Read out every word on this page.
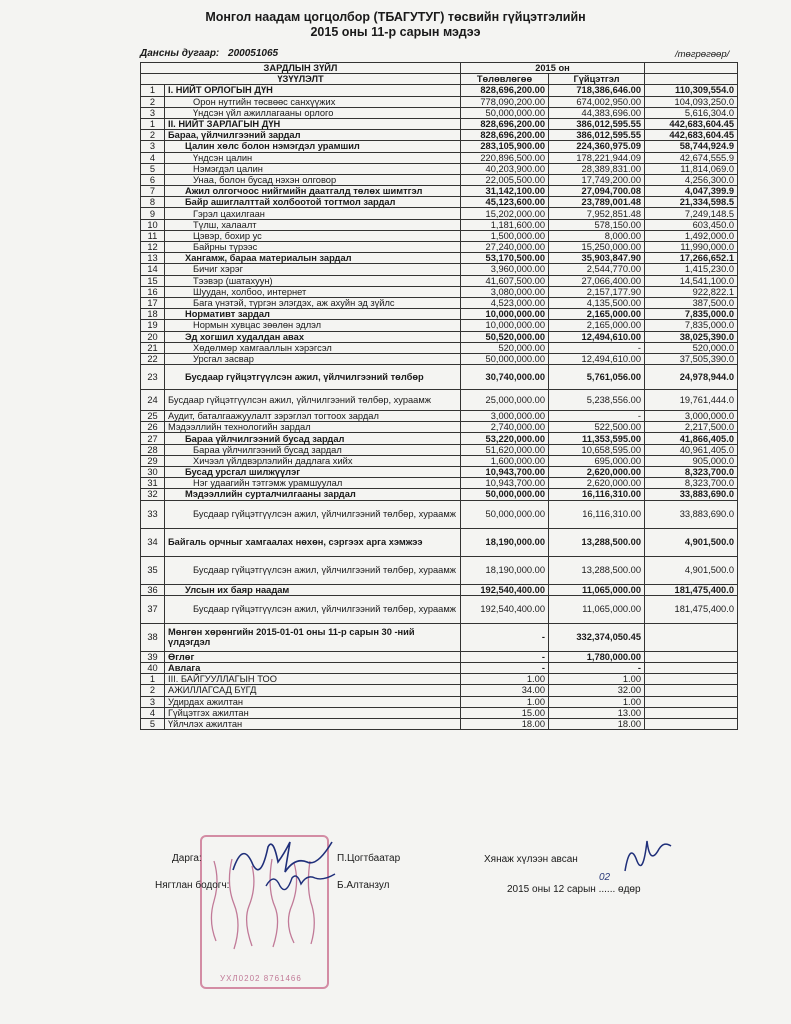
Монгол наадам цогцолбор (ТБАГУТУГ) төсвийн гүйцэтгэлийн
2015 оны 11-р сарын мэдээ
Дансны дугаар: 200051065	/төгрөгөөр/
ЗАРДЛЫН ЗҮЙЛ		2015 он		
ҮЗҮҮЛЭЛТ		Төлөвлөгөө	Гүйцэтгэл	
1	I. НИЙТ ОРЛОГЫН ДҮН	828,696,200.00	718,386,646.00	110,309,554.0
2	Орон нутгийн төсвөөс санхүүжих	778,090,200.00	674,002,950.00	104,093,250.0
3	Үндсэн үйл ажиллагааны орлого	50,000,000.00	44,383,696.00	5,616,304.0
1	II. НИЙТ ЗАРЛАГЫН ДҮН	828,696,200.00	386,012,595.55	442,683,604.45
2	Бараа, үйлчилгээний зардал	828,696,200.00	386,012,595.55	442,683,604.45
3	Цалин хөлс болон нэмэгдэл урамшил	283,105,900.00	224,360,975.09	58,744,924.9
4	Үндсэн цалин	220,896,500.00	178,221,944.09	42,674,555.9
5	Нэмэгдэл цалин	40,203,900.00	28,389,831.00	11,814,069.0
6	Унаа, болон бусад нэхэн олговор	22,005,500.00	17,749,200.00	4,256,300.0
7	Ажил олгогчоос нийгмийн даатгалд төлөх шимтгэл	31,142,100.00	27,094,700.08	4,047,399.9
8	Байр ашиглалттай холбоотой тогтмол зардал	45,123,600.00	23,789,001.48	21,334,598.5
9	Гэрэл цахилгаан	15,202,000.00	7,952,851.48	7,249,148.5
10	Түлш, халаалт	1,181,600.00	578,150.00	603,450.0
11	Цэвэр, бохир ус	1,500,000.00	8,000.00	1,492,000.0
12	Байрны түрээс	27,240,000.00	15,250,000.00	11,990,000.0
13	Хангамж, бараа материалын зардал	53,170,500.00	35,903,847.90	17,266,652.1
14	Бичиг хэрэг	3,960,000.00	2,544,770.00	1,415,230.0
15	Тээвэр (шатахуун)	41,607,500.00	27,066,400.00	14,541,100.0
16	Шуудан, холбоо, интернет	3,080,000.00	2,157,177.90	922,822.1
17	Бага үнэтэй, түргэн элэгдэх, аж ахуйн эд зүйлс	4,523,000.00	4,135,500.00	387,500.0
18	Нормативт зардал	10,000,000.00	2,165,000.00	7,835,000.0
19	Нормын хувцас зөөлөн эдлэл	10,000,000.00	2,165,000.00	7,835,000.0
20	Эд хогшил худалдан авах	50,520,000.00	12,494,610.00	38,025,390.0
21	Хөдөлмөр хамгааллын хэрэгсэл	520,000.00	-	520,000.0
22	Урсгал засвар	50,000,000.00	12,494,610.00	37,505,390.0
23	Бусдаар гүйцэтгүүлсэн ажил, үйлчилгээний төлбөр	30,740,000.00	5,761,056.00	24,978,944.0
24	Бусдаар гүйцэтгүүлсэн ажил, үйлчилгээний төлбөр, хураамж	25,000,000.00	5,238,556.00	19,761,444.0
25	Аудит, баталгаажуулалт зэрэглэл тогтоох зардал	3,000,000.00	-	3,000,000.0
26	Мэдээллийн технологийн зардал	2,740,000.00	522,500.00	2,217,500.0
27	Бараа үйлчилгээний бусад зардал	53,220,000.00	11,353,595.00	41,866,405.0
28	Бараа үйлчилгээний бусад зардал	51,620,000.00	10,658,595.00	40,961,405.0
29	Хичээл үйлдвэрлэлийн дадлага хийх	1,600,000.00	695,000.00	905,000.0
30	Бусад урсгал шилжүүлэг	10,943,700.00	2,620,000.00	8,323,700.0
31	Нэг удаагийн тэтгэмж урамшуулал	10,943,700.00	2,620,000.00	8,323,700.0
32	Мэдээллийн сурталчилгааны зардал	50,000,000.00	16,116,310.00	33,883,690.0
33	Бусдаар гүйцэтгүүлсэн ажил, үйлчилгээний төлбөр, хураамж	50,000,000.00	16,116,310.00	33,883,690.0
34	Байгаль орчныг хамгаалах нөхөн, сэргээх арга хэмжээ	18,190,000.00	13,288,500.00	4,901,500.0
35	Бусдаар гүйцэтгүүлсэн ажил, үйлчилгээний төлбөр, хураамж	18,190,000.00	13,288,500.00	4,901,500.0
36	Улсын их баяр наадам	192,540,400.00	11,065,000.00	181,475,400.0
37	Бусдаар гүйцэтгүүлсэн ажил, үйлчилгээний төлбөр, хураамж	192,540,400.00	11,065,000.00	181,475,400.0
38	Мөнгөн хөрөнгийн 2015-01-01 оны 11-р сарын 30 -ний үлдэгдэл	-	332,374,050.45	
39	Өглөг	-	1,780,000.00	
40	Авлага	-	-	
1	III. БАЙГУУЛЛАГЫН ТОО	1.00	1.00	
2	АЖИЛЛАГСАД БҮГД	34.00	32.00	
3	Удирдах ажилтан	1.00	1.00	
4	Гүйцэтгэх ажилтан	15.00	13.00	
5	Үйлчлэх ажилтан	18.00	18.00	
УХЛ0202 8761466
Дарга:	П.Цогтбаатар
Нягтлан бодогч:	Б.Алтанзул
Хянаж хүлээн авсан
2015 оны 12 сарын ...... өдөр
02
